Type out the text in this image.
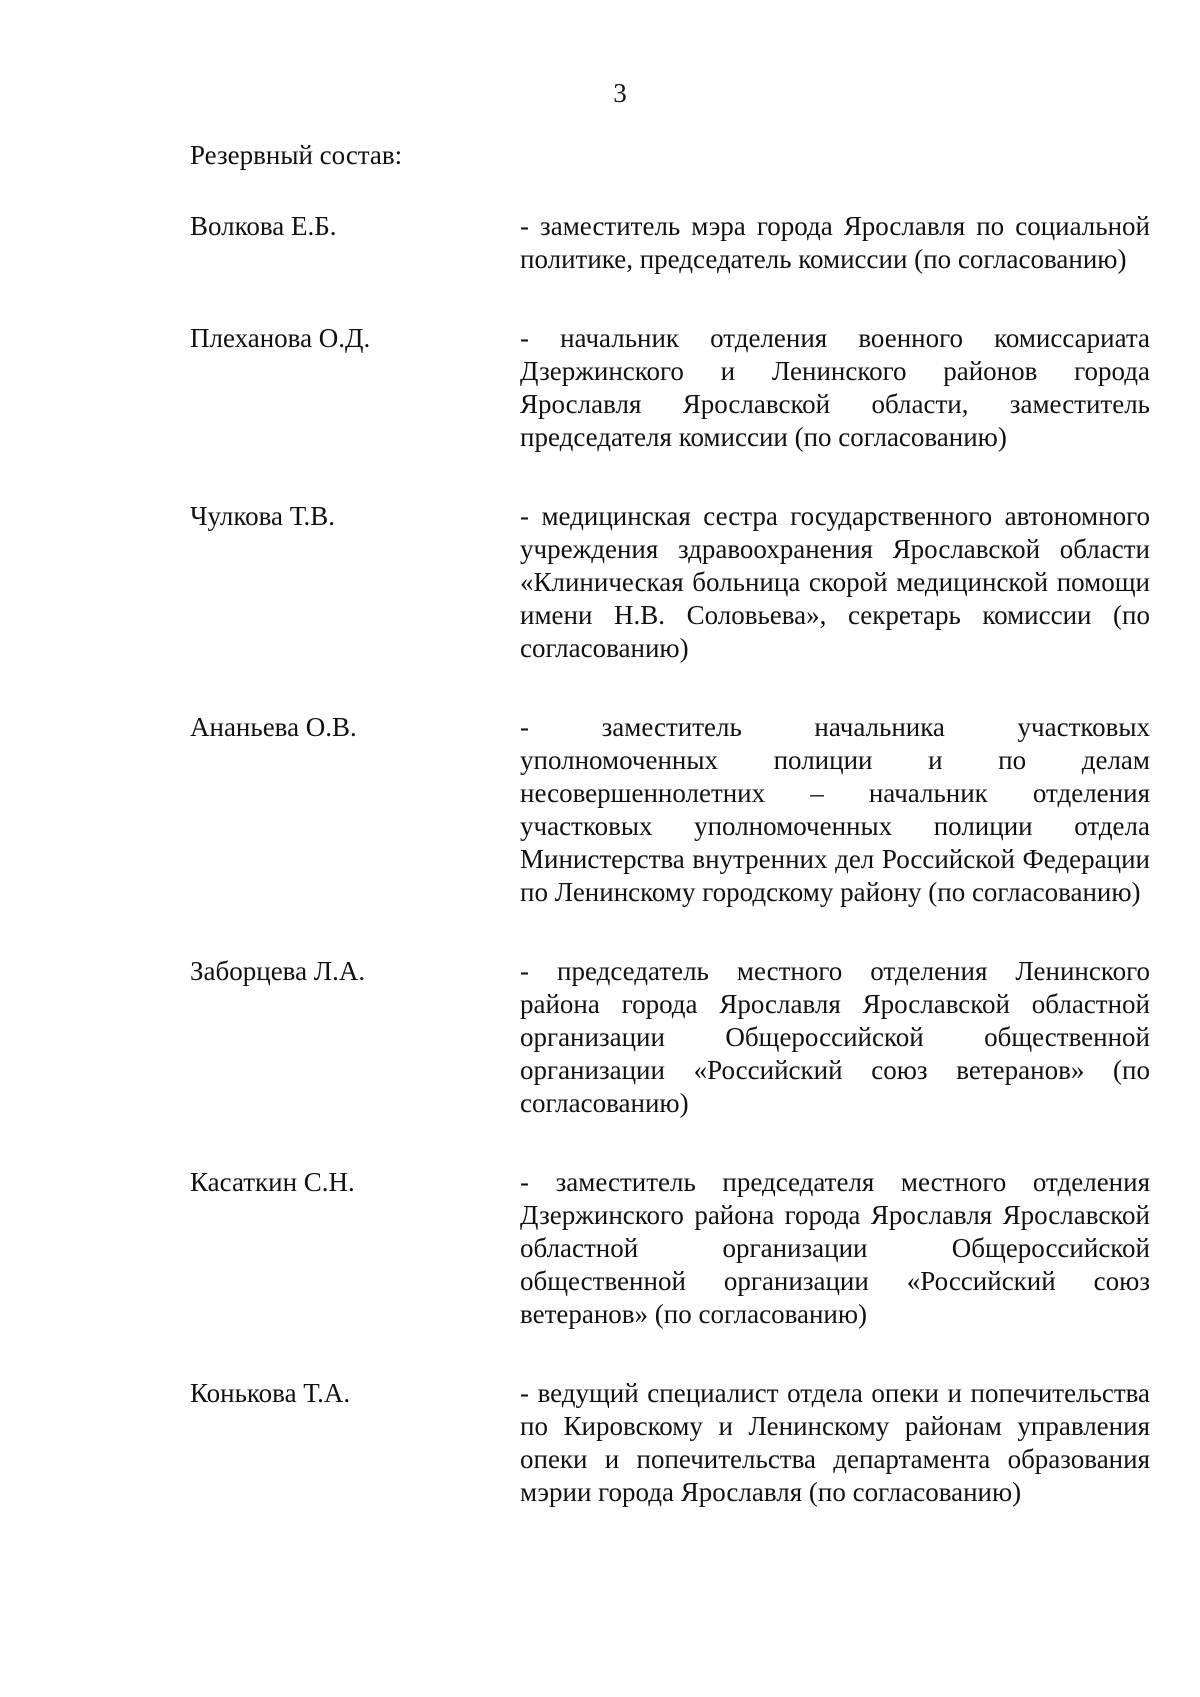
3
Резервный состав:
Волкова Е.Б.	- заместитель мэра города Ярославля по социальной политике, председатель комиссии (по согласованию)
Плеханова О.Д.	- начальник отделения военного комиссариата Дзержинского и Ленинского районов города Ярославля Ярославской области, заместитель председателя комиссии (по согласованию)
Чулкова Т.В.	- медицинская сестра государственного автономного учреждения здравоохранения Ярославской области «Клиническая больница скорой медицинской помощи имени Н.В. Соловьева», секретарь комиссии (по согласованию)
Ананьева О.В.	- заместитель начальника участковых уполномоченных полиции и по делам несовершеннолетних – начальник отделения участковых уполномоченных полиции отдела Министерства внутренних дел Российской Федерации по Ленинскому городскому району (по согласованию)
Заборцева Л.А.	- председатель местного отделения Ленинского района города Ярославля Ярославской областной организации Общероссийской общественной организации «Российский союз ветеранов» (по согласованию)
Касаткин С.Н.	- заместитель председателя местного отделения Дзержинского района города Ярославля Ярославской областной организации Общероссийской общественной организации «Российский союз ветеранов» (по согласованию)
Конькова Т.А.	- ведущий специалист отдела опеки и попечительства по Кировскому и Ленинскому районам управления опеки и попечительства департамента образования мэрии города Ярославля (по согласованию)
